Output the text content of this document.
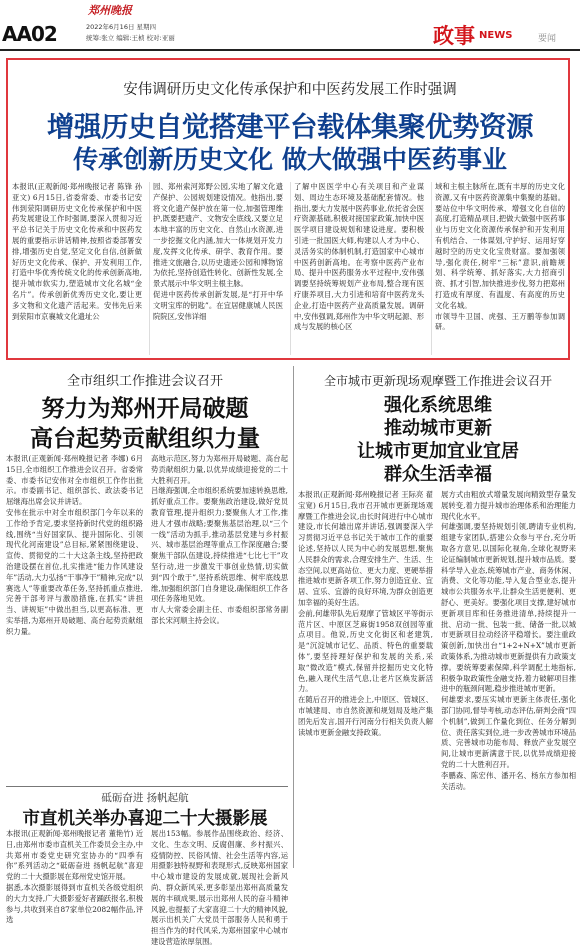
AA02
郑州晚报
2022年6月16日 星期四
统筹:张立 编辑:王桢 校对:亚丽	政事 NEWS	要闻
安伟调研历史文化传承保护和中医药发展工作时强调
增强历史自觉搭建平台载体集聚优势资源
传承创新历史文化 做大做强中医药事业
本报讯(正观新闻·郑州晚报记者 陈锋 孙亚文) 6月15日,省委常委、市委书记安伟到荥阳调研历史文化传承保护和中医药发展建设工作时强调,要深入贯彻习近平总书记关于历史文化传承和中医药发展的重要指示讲话精神,按照省委部署安排,增强历史自觉,坚定文化自信,创新做好历史文化传承、保护、开发利用工作,打造中华优秀传统文化的传承创新高地,提升城市软实力,塑造城市文化名城“金名片”。传承创新优秀历史文化,要让更多文物和文化遗产活起来。安伟先后来到荥阳市京襄城文化遗址公
园、郑州索河郑野公园,实地了解文化遗产保护、公园规划建设情况。他指出,要将文化遗产保护放在第一位,加强管理维护,既要把遗产、文物安全底线,又要立足本地丰富的历史文化、自然山水资源,进一步挖掘文化内涵,加大一体规划开发力度,发挥文化传承、研学、教育作用。要推进文旅融合,以历史遗迹公园和博物馆为依托,坚持创造性转化、创新性发展,全景式展示中华文明主根主脉。
促进中医药传承创新发展,是“打开中华文明宝库的钥匙”。在宜居健康城人民医院院区,安伟详细
了解中医医学中心有关项目和产业谋划、周边生态环境及基础配套情况。他指出,要大力发展中医药事业,依托省会医疗资源基础,积极对接国家政策,加快中医医学项目建设规划和建设进度。要积极引进一批国医大师,构建以人才为中心、灵活务实的体制机制,打造国家中心城市中医药创新高地。在考察中医药产业布局、提升中医药服务水平过程中,安伟强调要坚持统筹规划产业布局,整合现有医疗康养项目,大力引进和培育中医药龙头企业,打造中医药产业高质量发展。调研中,安伟强调,郑州作为中华文明起源、形成与发展的核心区
域和主根主脉所在,既有丰厚的历史文化资源,又有中医药资源集中集聚的基础。要站位中华文明传承、增强文化自信的高度,打造精品项目,把做大做强中医药事业与历史文化资源传承保护和开发利用有机结合、一体谋划,守护好、运用好穿越时空的历史文化宝贵财富。要加强领导,强化责任,树牢“三标”意识,前瞻规划、科学统筹、抓好落实,大力招商引资、抓才引智,加快推进步伐,努力把郑州打造成有厚度、有温度、有高度的历史文化名城。
市领导牛卫国、虎强、王万鹏等参加调研。
全市组织工作推进会议召开
努力为郑州开局破题
高台起势贡献组织力量
本报讯(正观新闻·郑州晚报记者 李娜) 6月15日,全市组织工作推进会议召开。省委常委、市委书记安伟对全市组织工作作出批示。市委副书记、组织部长、政法委书记屈继海出席会议并讲话。
安伟在批示中对全市组织部门今年以来的工作给予肯定,要求坚持新时代党的组织路线,围绕“当好国家队、提升国际化、引领现代化河南建设”总目标,紧紧围绕建设、宣传、贯彻党的二十大这条主线,坚持把政治建设摆在首位,扎实推进“能力作风建设年”活动,大力弘扬“干事净干”精神,完成“以赛选人”等重要改革任务,坚持抓重点推进,完善干部考评与激励措施,在抓实“讲担当、讲规矩”中做出担当,以更高标准、更实举措,为郑州开局破题、高台起势贡献组织力量。
高地示范区,努力为郑州开局破题、高台起势贡献组织力量,以优异成绩迎接党的二十大胜利召开。
吕继海强调,全市组织系统要加速转换思维,抓好重点工作。要聚焦政治建设,做好党员教育管理,提升组织力;要聚焦人才工作,推进人才强市战略;要聚焦基层治理,以“三个一线”活动为抓手,推动基层党建与乡村振兴、城市基层治理等重点工作深度融合;要聚焦干部队伍建设,持续推进“七比七干”攻坚行动,进一步激发干事创业热情,切实做到“四个敢于”,坚持系统思维、树牢底线思维,加强组织部门自身建设,确保组织工作各项任务落地见效。
市人大常委会副主任、市委组织部常务副部长宋河顺主持会议。
砥砺奋进 扬帆起航
市直机关举办喜迎二十大摄影展
本报讯(正观新闻·郑州晚报记者 董艳竹) 近日,由郑州市委市直机关工作委员会主办,中共郑州市委党史研究室协办的“四季有你”系列活动之“砥砺奋进 扬帆起航”喜迎党的二十大摄影展在郑州党史馆开展。
据悉,本次摄影展得到市直机关各级党组织的大力支持,广大摄影爱好者踊跃报名,积极参与,共收到来自87家单位2082幅作品,评选
展出153幅。参展作品围绕政治、经济、文化、生态文明、反腐倡廉、乡村振兴、疫情防控、民俗风情、社会生活等内容,运用摄影独特视野和表现形式,反映郑州国家中心城市建设的发展成就,展现社会新风尚、群众新风采,更多彰显出郑州高质量发展的丰硕成果,展示出郑州人民的奋斗精神风貌,也提振了大家喜迎二十大的精神风貌,展示出机关广大党员干部服务人民和勇于担当作为的时代风采,为郑州国家中心城市建设营造浓厚氛围。
全市城市更新现场观摩暨工作推进会议召开
强化系统思维
推动城市更新
让城市更加宜业宜居
群众生活幸福
本报讯(正观新闻·郑州晚报记者 王际亮 翟宝宽) 6月15日,我市召开城市更新现场观摩暨工作推进会议,由长时间进行中心城市建设,市长何雄出席并讲话,强调要深入学习贯彻习近平总书记关于城市工作的重要论述,坚持以人民为中心的发展思想,聚焦人民群众的需求,合理安排生产、生活、生态空间,以更高站位、更大力度、更硬举措推进城市更新各项工作,努力创造宜业、宜居、宜乐、宜游的良好环境,为群众创造更加幸福的美好生活。
会前,何雄带队先后观摩了管城区平等街示范片区、中原区芝麻街1958双创园等重点项目。他说,历史文化街区和老建筑,是“沉淀城市记忆、品质、特色的重要载体”,要坚持理好保护和发展的关系,采取“微改造”模式,保留并挖掘历史文化特色,融入现代生活气息,让老片区焕发新活力。
在随后召开的推进会上,中原区、管城区、市城建局、市自然资源和规划局及地产集团先后发言,国开行河南分行相关负责人解读城市更新金融支持政策。
展方式由粗放式增量发展向精致型存量发展转变,着力提升城市治理体系和治理能力现代化水平。
何雄强调,要坚持规划引领,聘请专业机构,组建专家团队,搭建公众参与平台,充分听取各方意见,以国际化视角,全球化视野来论证编制城市更新规划,提升城市品质。要科学导入业态,统筹城市产业、商务休闲、消费、文化等功能,导入复合型业态,提升城市公共服务水平,让群众生活更便利、更舒心、更美好。要强化项目支撑,建好城市更新项目库和任务推进清单,持续提升一批、启动一批、包装一批、储备一批,以城市更新项目拉动经济平稳增长。要注重政策创新,加快出台“1+2+N+X”城市更新政策体系,为推动城市更新提供有力政策支撑。要统筹要素保障,科学调配土地指标,积极争取政策性金融支持,着力破解项目推进中的瓶颈问题,稳步推进城市更新。
何雄要求,要压实城市更新主体责任,强化部门协同,督导考核,动态评估,研判会商“四个机制”,做到工作量化到位、任务分解到位、责任落实到位,进一步改善城市环境品质、完善城市功能布局、释放产业发展空间,让城市更新满意于民,以优异成绩迎接党的二十大胜利召开。
李鹏森、陈宏伟、潘开名、杨东方参加相关活动。
